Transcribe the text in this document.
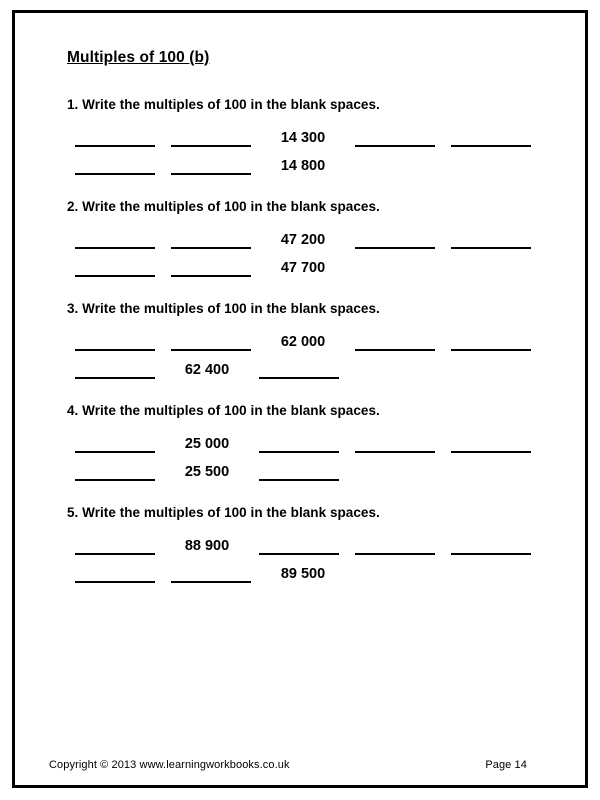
Multiples of 100 (b)

1. Write the multiples of 100 in the blank spaces.

14 300
14 800

2. Write the multiples of 100 in the blank spaces.

47 200
47 700

3. Write the multiples of 100 in the blank spaces.

62 000
62 400

4. Write the multiples of 100 in the blank spaces.

25 000
25 500

5. Write the multiples of 100 in the blank spaces.

88 900
89 500
Copyright © 2013 www.learningworkbooks.co.uk	Page 14
